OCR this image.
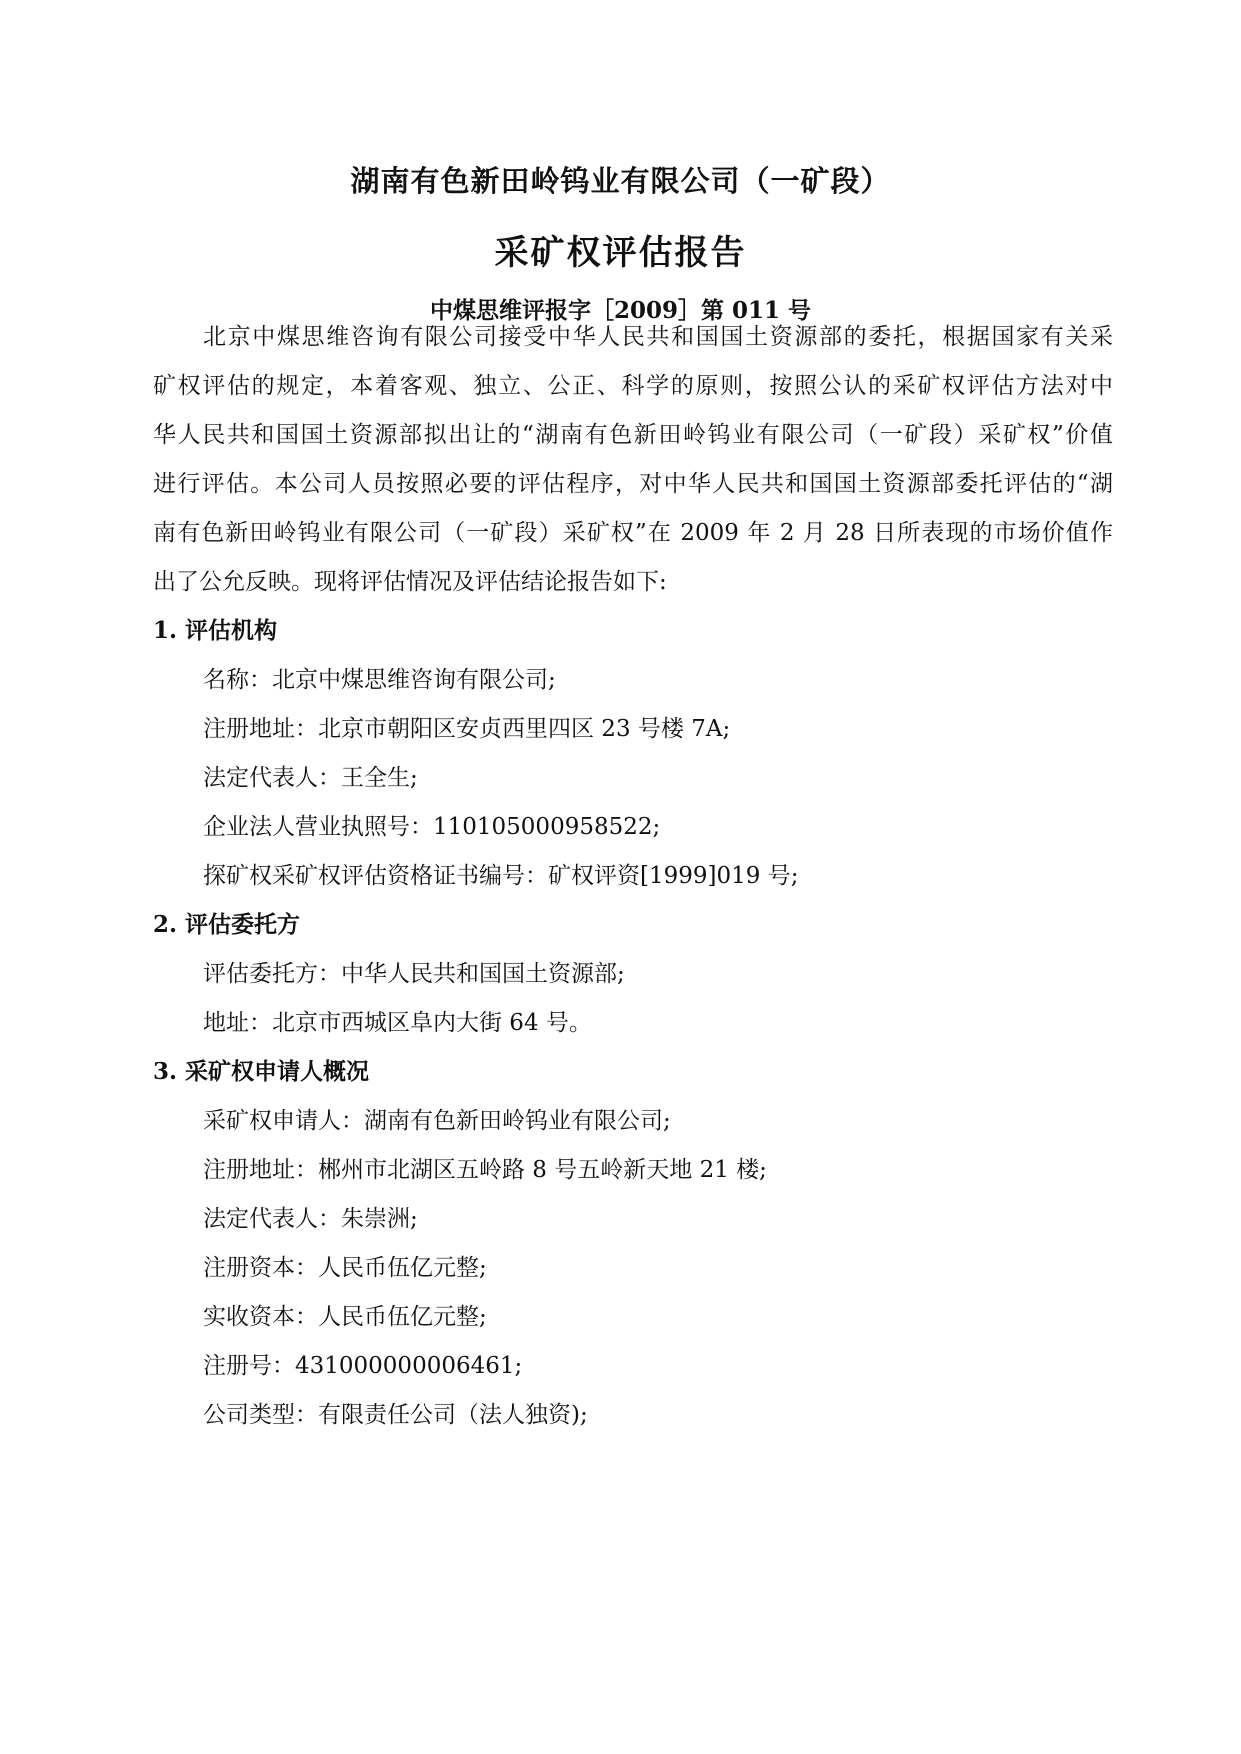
湖南有色新田岭钨业有限公司（一矿段）
采矿权评估报告
中煤思维评报字［2009］第 011 号
北京中煤思维咨询有限公司接受中华人民共和国国土资源部的委托，根据国家有关采
矿权评估的规定，本着客观、独立、公正、科学的原则，按照公认的采矿权评估方法对中
华人民共和国国土资源部拟出让的“湖南有色新田岭钨业有限公司（一矿段）采矿权”价值
进行评估。本公司人员按照必要的评估程序，对中华人民共和国国土资源部委托评估的“湖
南有色新田岭钨业有限公司（一矿段）采矿权”在 2009 年 2 月 28 日所表现的市场价值作
出了公允反映。现将评估情况及评估结论报告如下:
1. 评估机构
名称：北京中煤思维咨询有限公司;
注册地址：北京市朝阳区安贞西里四区 23 号楼 7A;
法定代表人：王全生;
企业法人营业执照号：110105000958522;
探矿权采矿权评估资格证书编号：矿权评资[1999]019 号;
2. 评估委托方
评估委托方：中华人民共和国国土资源部;
地址：北京市西城区阜内大街 64 号。
3. 采矿权申请人概况
采矿权申请人：湖南有色新田岭钨业有限公司;
注册地址：郴州市北湖区五岭路 8 号五岭新天地 21 楼;
法定代表人：朱崇洲;
注册资本：人民币伍亿元整;
实收资本：人民币伍亿元整;
注册号：431000000006461;
公司类型：有限责任公司（法人独资);
